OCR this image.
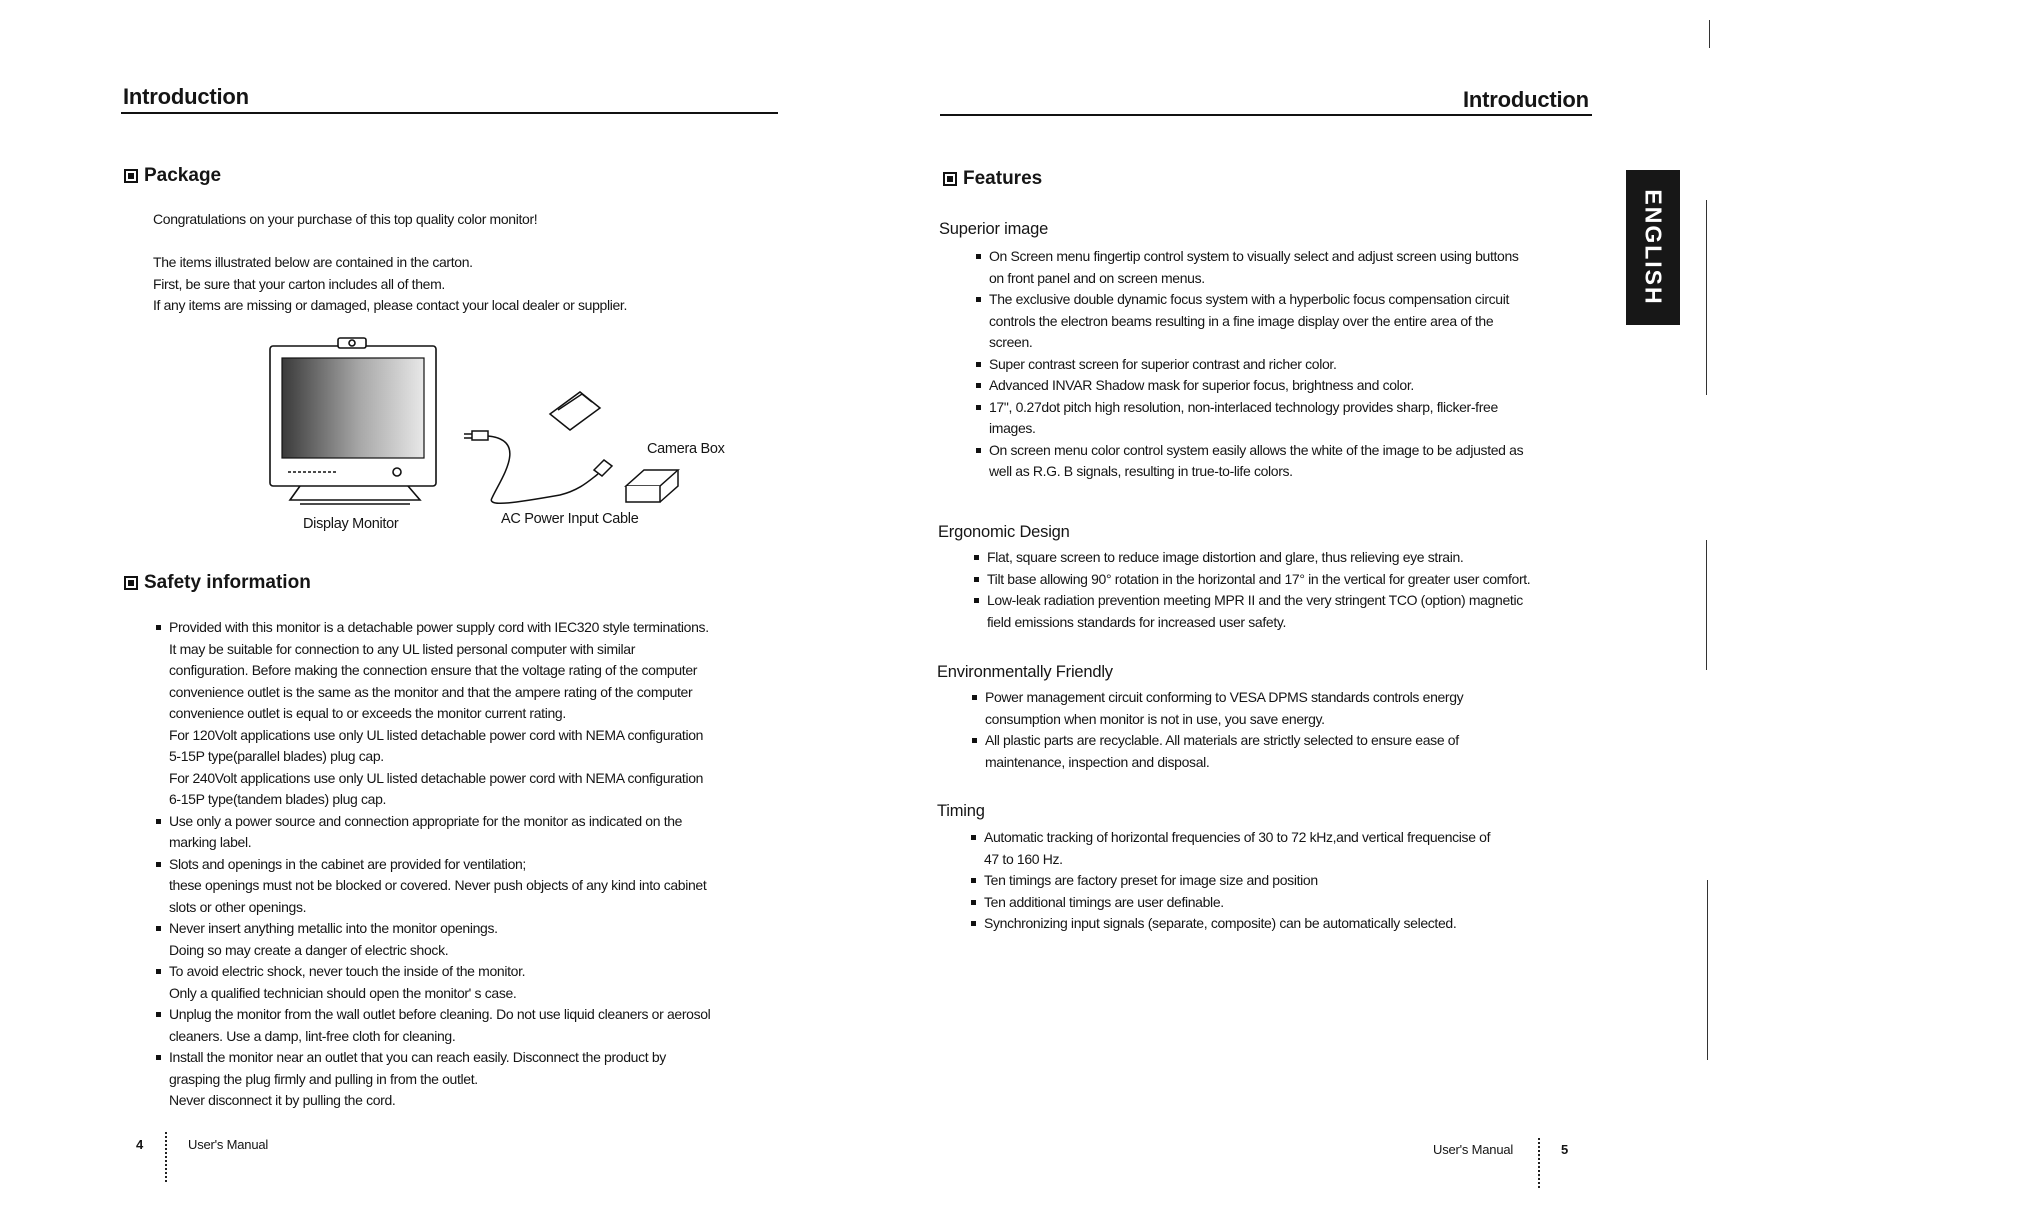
Introduction
Package
Congratulations on your purchase of this top quality color monitor!
The items illustrated below are contained in the carton.
First, be sure that your carton includes all of them.
If any items are missing or damaged, please contact your local dealer or supplier.
Display Monitor	AC Power Input Cable
Camera Box
Safety information
Provided with this monitor is a detachable power supply cord with IEC320 style terminations.
It may be suitable for connection to any UL listed personal computer with similar
configuration. Before making the connection ensure that the voltage rating of the computer
convenience outlet is the same as the monitor and that the ampere rating of the computer
convenience outlet is equal to or exceeds the monitor current rating.
For 120Volt applications use only UL listed detachable power cord with NEMA configuration
5-15P type(parallel blades) plug cap.
For 240Volt applications use only UL listed detachable power cord with NEMA configuration
6-15P type(tandem blades) plug cap.
Use only a power source and connection appropriate for the monitor as indicated on the
marking label.
Slots and openings in the cabinet are provided for ventilation;
these openings must not be blocked or covered. Never push objects of any kind into cabinet
slots or other openings.
Never insert anything metallic into the monitor openings.
Doing so may create a danger of electric shock.
To avoid electric shock, never touch the inside of the monitor.
Only a qualified technician should open the monitor' s case.
Unplug the monitor from the wall outlet before cleaning. Do not use liquid cleaners or aerosol
cleaners. Use a damp, lint-free cloth for cleaning.
Install the monitor near an outlet that you can reach easily. Disconnect the product by
grasping the plug firmly and pulling in from the outlet.
Never disconnect it by pulling the cord.
4	User's Manual
Introduction
ENGLISH
Features
Superior image
On Screen menu fingertip control system to visually select and adjust screen using buttons
on front panel and on screen menus.
The exclusive double dynamic focus system with a hyperbolic focus compensation circuit
controls the electron beams resulting in a fine image display over the entire area of the
screen.
Super contrast screen for superior contrast and richer color.
Advanced INVAR Shadow mask for superior focus, brightness and color.
17", 0.27dot pitch high resolution, non-interlaced technology provides sharp, flicker-free
images.
On screen menu color control system easily allows the white of the image to be adjusted as
well as R.G. B signals, resulting in true-to-life colors.
Ergonomic Design
Flat, square screen to reduce image distortion and glare, thus relieving eye strain.
Tilt base allowing 90° rotation in the horizontal and 17° in the vertical for greater user comfort.
Low-leak radiation prevention meeting MPR II and the very stringent TCO (option) magnetic
field emissions standards for increased user safety.
Environmentally Friendly
Power management circuit conforming to VESA DPMS standards controls energy
consumption when monitor is not in use, you save energy.
All plastic parts are recyclable. All materials are strictly selected to ensure ease of
maintenance, inspection and disposal.
Timing
Automatic tracking of horizontal frequencies of 30 to 72 kHz,and vertical frequencise of
47 to 160 Hz.
Ten timings are factory preset for image size and position
Ten additional timings are user definable.
Synchronizing input signals (separate, composite) can be automatically selected.
User's Manual	5
